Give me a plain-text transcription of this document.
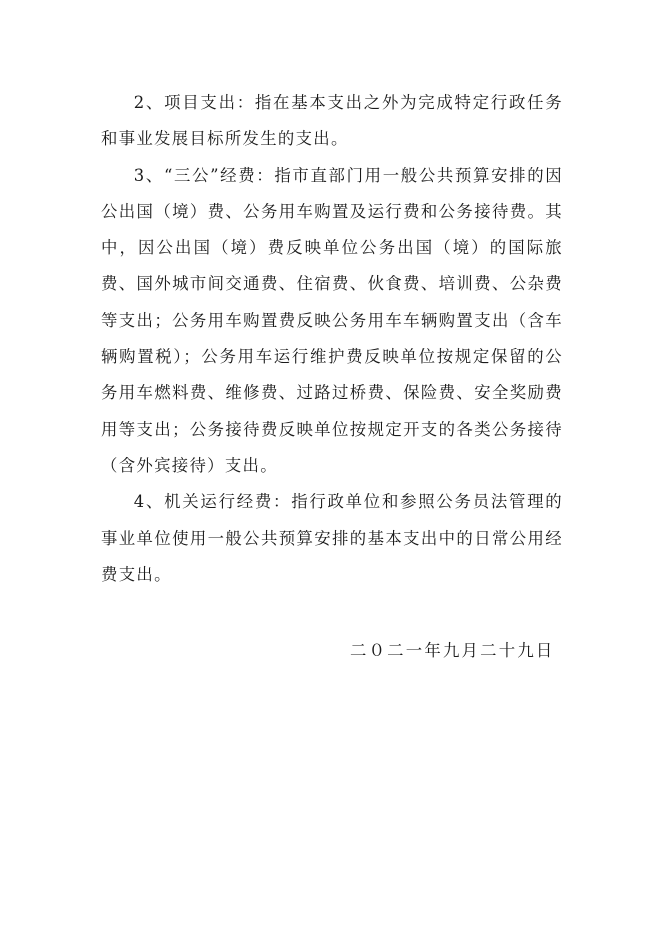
2、项目支出：指在基本支出之外为完成特定行政任务和事业发展目标所发生的支出。

3、“三公”经费：指市直部门用一般公共预算安排的因公出国（境）费、公务用车购置及运行费和公务接待费。其中，因公出国（境）费反映单位公务出国（境）的国际旅费、国外城市间交通费、住宿费、伙食费、培训费、公杂费等支出；公务用车购置费反映公务用车车辆购置支出（含车辆购置税）；公务用车运行维护费反映单位按规定保留的公务用车燃料费、维修费、过路过桥费、保险费、安全奖励费用等支出；公务接待费反映单位按规定开支的各类公务接待（含外宾接待）支出。

4、机关运行经费：指行政单位和参照公务员法管理的事业单位使用一般公共预算安排的基本支出中的日常公用经费支出。

二０二一年九月二十九日
